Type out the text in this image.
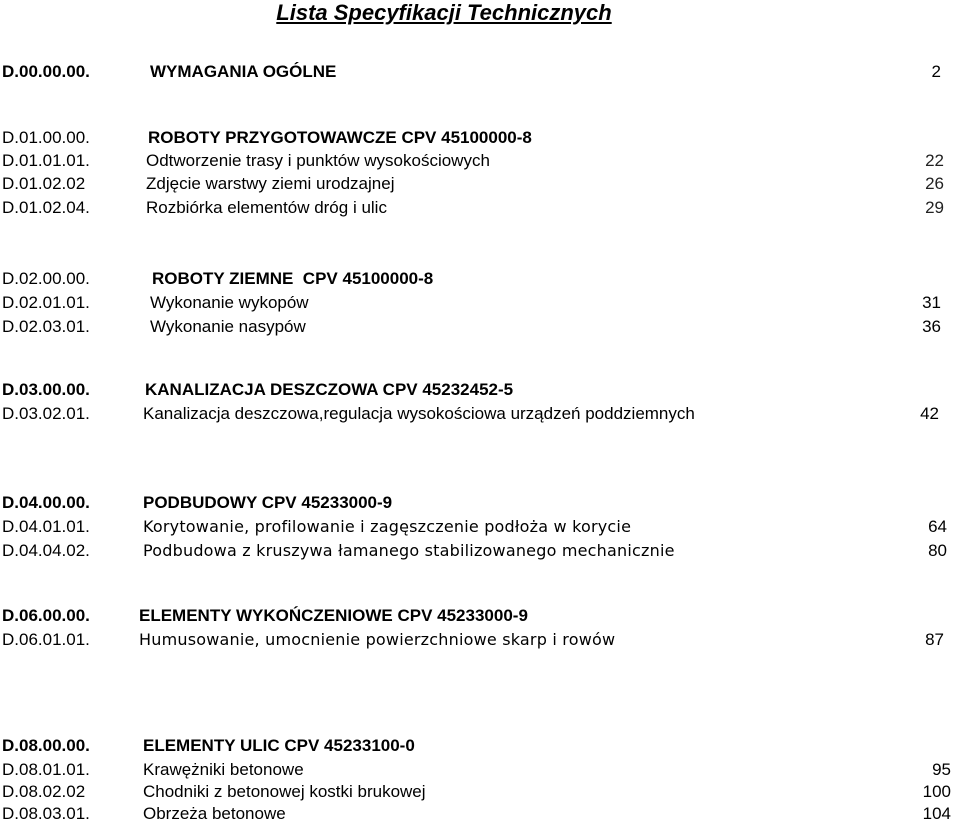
Lista Specyfikacji Technicznych
D.00.00.00.	WYMAGANIA OGÓLNE	2
D.01.00.00.	ROBOTY PRZYGOTOWAWCZE CPV 45100000-8
D.01.01.01.	Odtworzenie trasy i punktów wysokościowych	22
D.01.02.02	Zdjęcie warstwy ziemi urodzajnej	26
D.01.02.04.	Rozbiórka elementów dróg i ulic	29
D.02.00.00.	ROBOTY ZIEMNE  CPV 45100000-8
D.02.01.01.	Wykonanie wykopów	31
D.02.03.01.	Wykonanie nasypów	36
D.03.00.00.	KANALIZACJA DESZCZOWA CPV 45232452-5
D.03.02.01.	Kanalizacja deszczowa,regulacja wysokościowa urządzeń poddziemnych	42
D.04.00.00.	PODBUDOWY CPV 45233000-9
D.04.01.01.	Korytowanie, profilowanie i zagęszczenie podłoża w korycie	64
D.04.04.02.	Podbudowa z kruszywa łamanego stabilizowanego mechanicznie	80
D.06.00.00.	ELEMENTY WYKOŃCZENIOWE CPV 45233000-9
D.06.01.01.	Humusowanie, umocnienie powierzchniowe skarp i rowów	87
D.08.00.00.	ELEMENTY ULIC CPV 45233100-0
D.08.01.01.	Krawężniki betonowe	95
D.08.02.02	Chodniki z betonowej kostki brukowej	100
D.08.03.01.	Obrzeża betonowe	104
